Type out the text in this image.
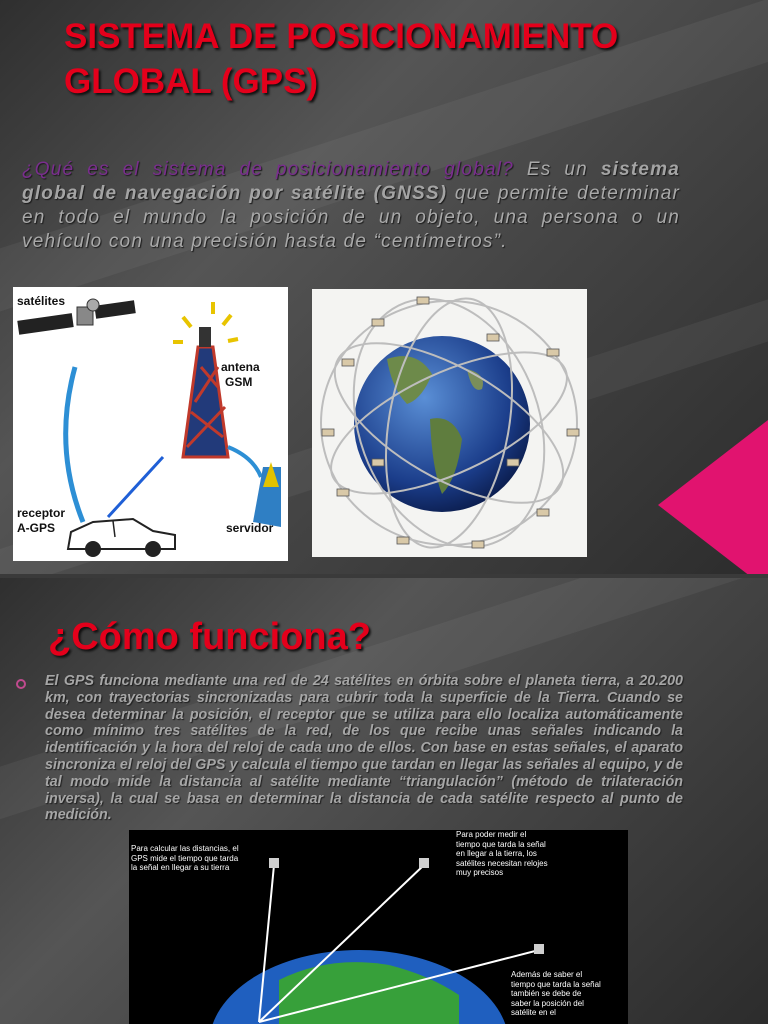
SISTEMA DE POSICIONAMIENTO GLOBAL (GPS)

¿Qué es el sistema de posicionamiento global? Es un sistema global de navegación por satélite (GNSS) que permite determinar en todo el mundo la posición de un objeto, una persona o un vehículo con una precisión hasta de “centímetros”.

satélites
antena
GSM
servidor
receptor
A-GPS
¿Cómo funciona?

El GPS funciona mediante una red de 24 satélites en órbita sobre el planeta tierra, a 20.200 km, con trayectorias sincronizadas para cubrir toda la superficie de la Tierra. Cuando se desea determinar la posición, el receptor que se utiliza para ello localiza automáticamente como mínimo tres satélites de la red, de los que recibe unas señales indicando la identificación y la hora del reloj de cada uno de ellos. Con base en estas señales, el aparato sincroniza el reloj del GPS y calcula el tiempo que tardan en llegar las señales al equipo, y de tal modo mide la distancia al satélite mediante “triangulación” (método de trilateración inversa), la cual se basa en determinar la distancia de cada satélite respecto al punto de medición.

Para calcular las distancias, el GPS mide el tiempo que tarda la señal en llegar a su tierra
Para poder medir el tiempo que tarda la señal en llegar a la tierra, los satélites necesitan relojes muy precisos
Además de saber el tiempo que tarda la señal también se debe de saber la posición del satélite en el
